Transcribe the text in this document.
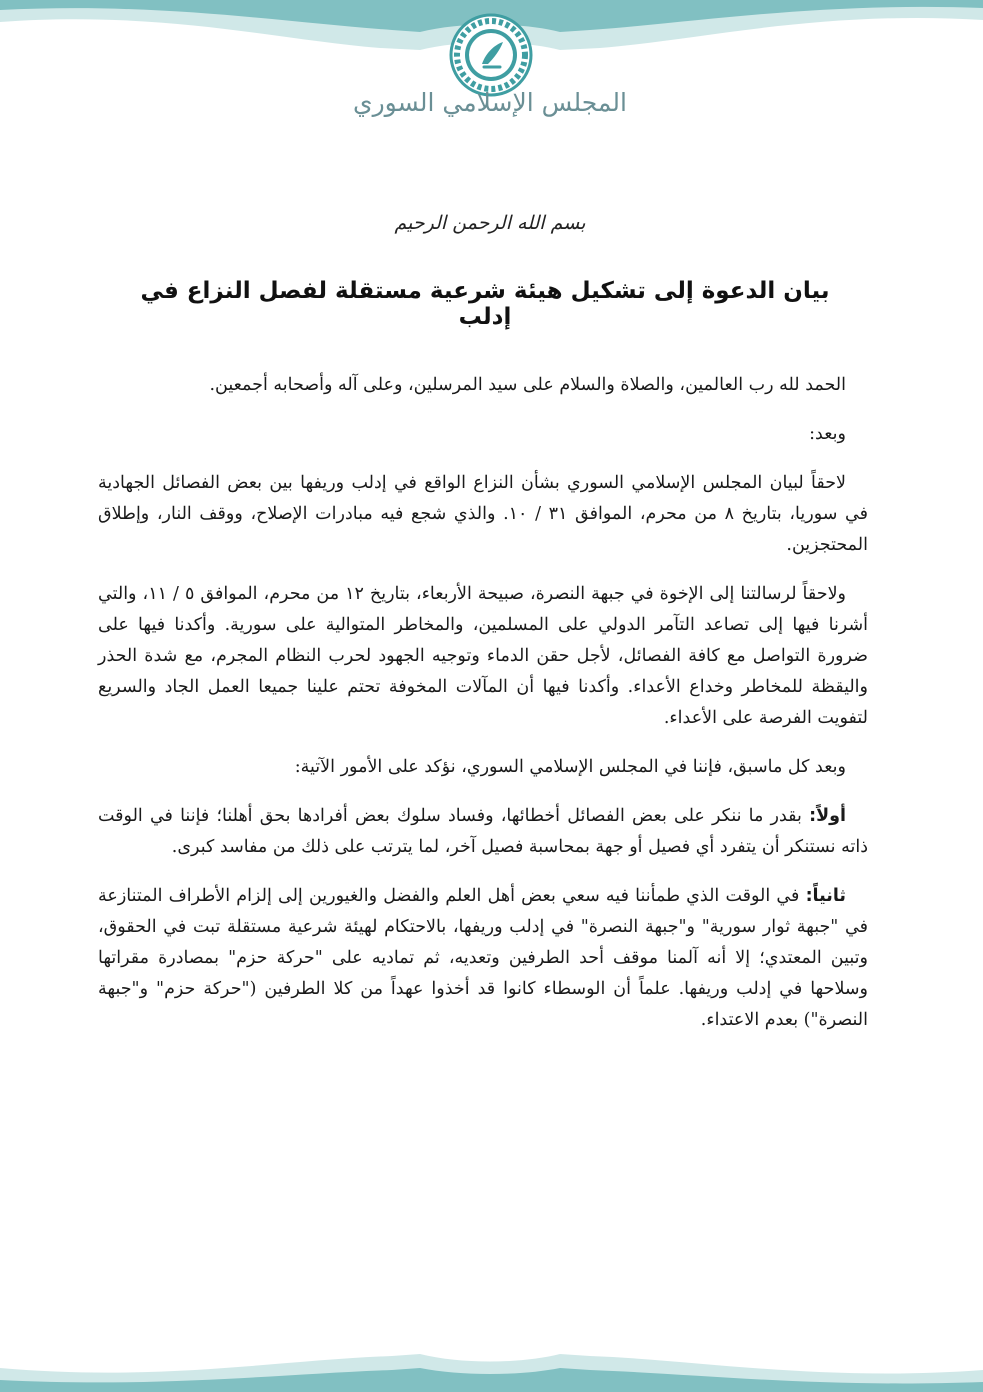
المجلس الإسلامي السوري
بسم الله الرحمن الرحيم
بيان الدعوة إلى تشكيل هيئة شرعية مستقلة لفصل النزاع في إدلب

الحمد لله رب العالمين، والصلاة والسلام على سيد المرسلين، وعلى آله وأصحابه أجمعين.

وبعد:

لاحقاً لبيان المجلس الإسلامي السوري بشأن النزاع الواقع في إدلب وريفها بين بعض الفصائل الجهادية في سوريا، بتاريخ ٨ من محرم، الموافق ٣١ / ١٠. والذي شجع فيه مبادرات الإصلاح، ووقف النار، وإطلاق المحتجزين.

ولاحقاً لرسالتنا إلى الإخوة في جبهة النصرة، صبيحة الأربعاء، بتاريخ ١٢ من محرم، الموافق ٥ / ١١، والتي أشرنا فيها إلى تصاعد التآمر الدولي على المسلمين، والمخاطر المتوالية على سورية. وأكدنا فيها على ضرورة التواصل مع كافة الفصائل، لأجل حقن الدماء وتوجيه الجهود لحرب النظام المجرم، مع شدة الحذر واليقظة للمخاطر وخداع الأعداء. وأكدنا فيها أن المآلات المخوفة تحتم علينا جميعا العمل الجاد والسريع لتفويت الفرصة على الأعداء.

وبعد كل ماسبق، فإننا في المجلس الإسلامي السوري، نؤكد على الأمور الآتية:

أولاً: بقدر ما ننكر على بعض الفصائل أخطائها، وفساد سلوك بعض أفرادها بحق أهلنا؛ فإننا في الوقت ذاته نستنكر أن يتفرد أي فصيل أو جهة بمحاسبة فصيل آخر، لما يترتب على ذلك من مفاسد كبرى.

ثانياً: في الوقت الذي طمأننا فيه سعي بعض أهل العلم والفضل والغيورين إلى إلزام الأطراف المتنازعة في "جبهة ثوار سورية" و"جبهة النصرة" في إدلب وريفها، بالاحتكام لهيئة شرعية مستقلة تبت في الحقوق، وتبين المعتدي؛ إلا أنه آلمنا موقف أحد الطرفين وتعديه، ثم تماديه على "حركة حزم" بمصادرة مقراتها وسلاحها في إدلب وريفها. علماً أن الوسطاء كانوا قد أخذوا عهداً من كلا الطرفين ("حركة حزم" و"جبهة النصرة") بعدم الاعتداء.
